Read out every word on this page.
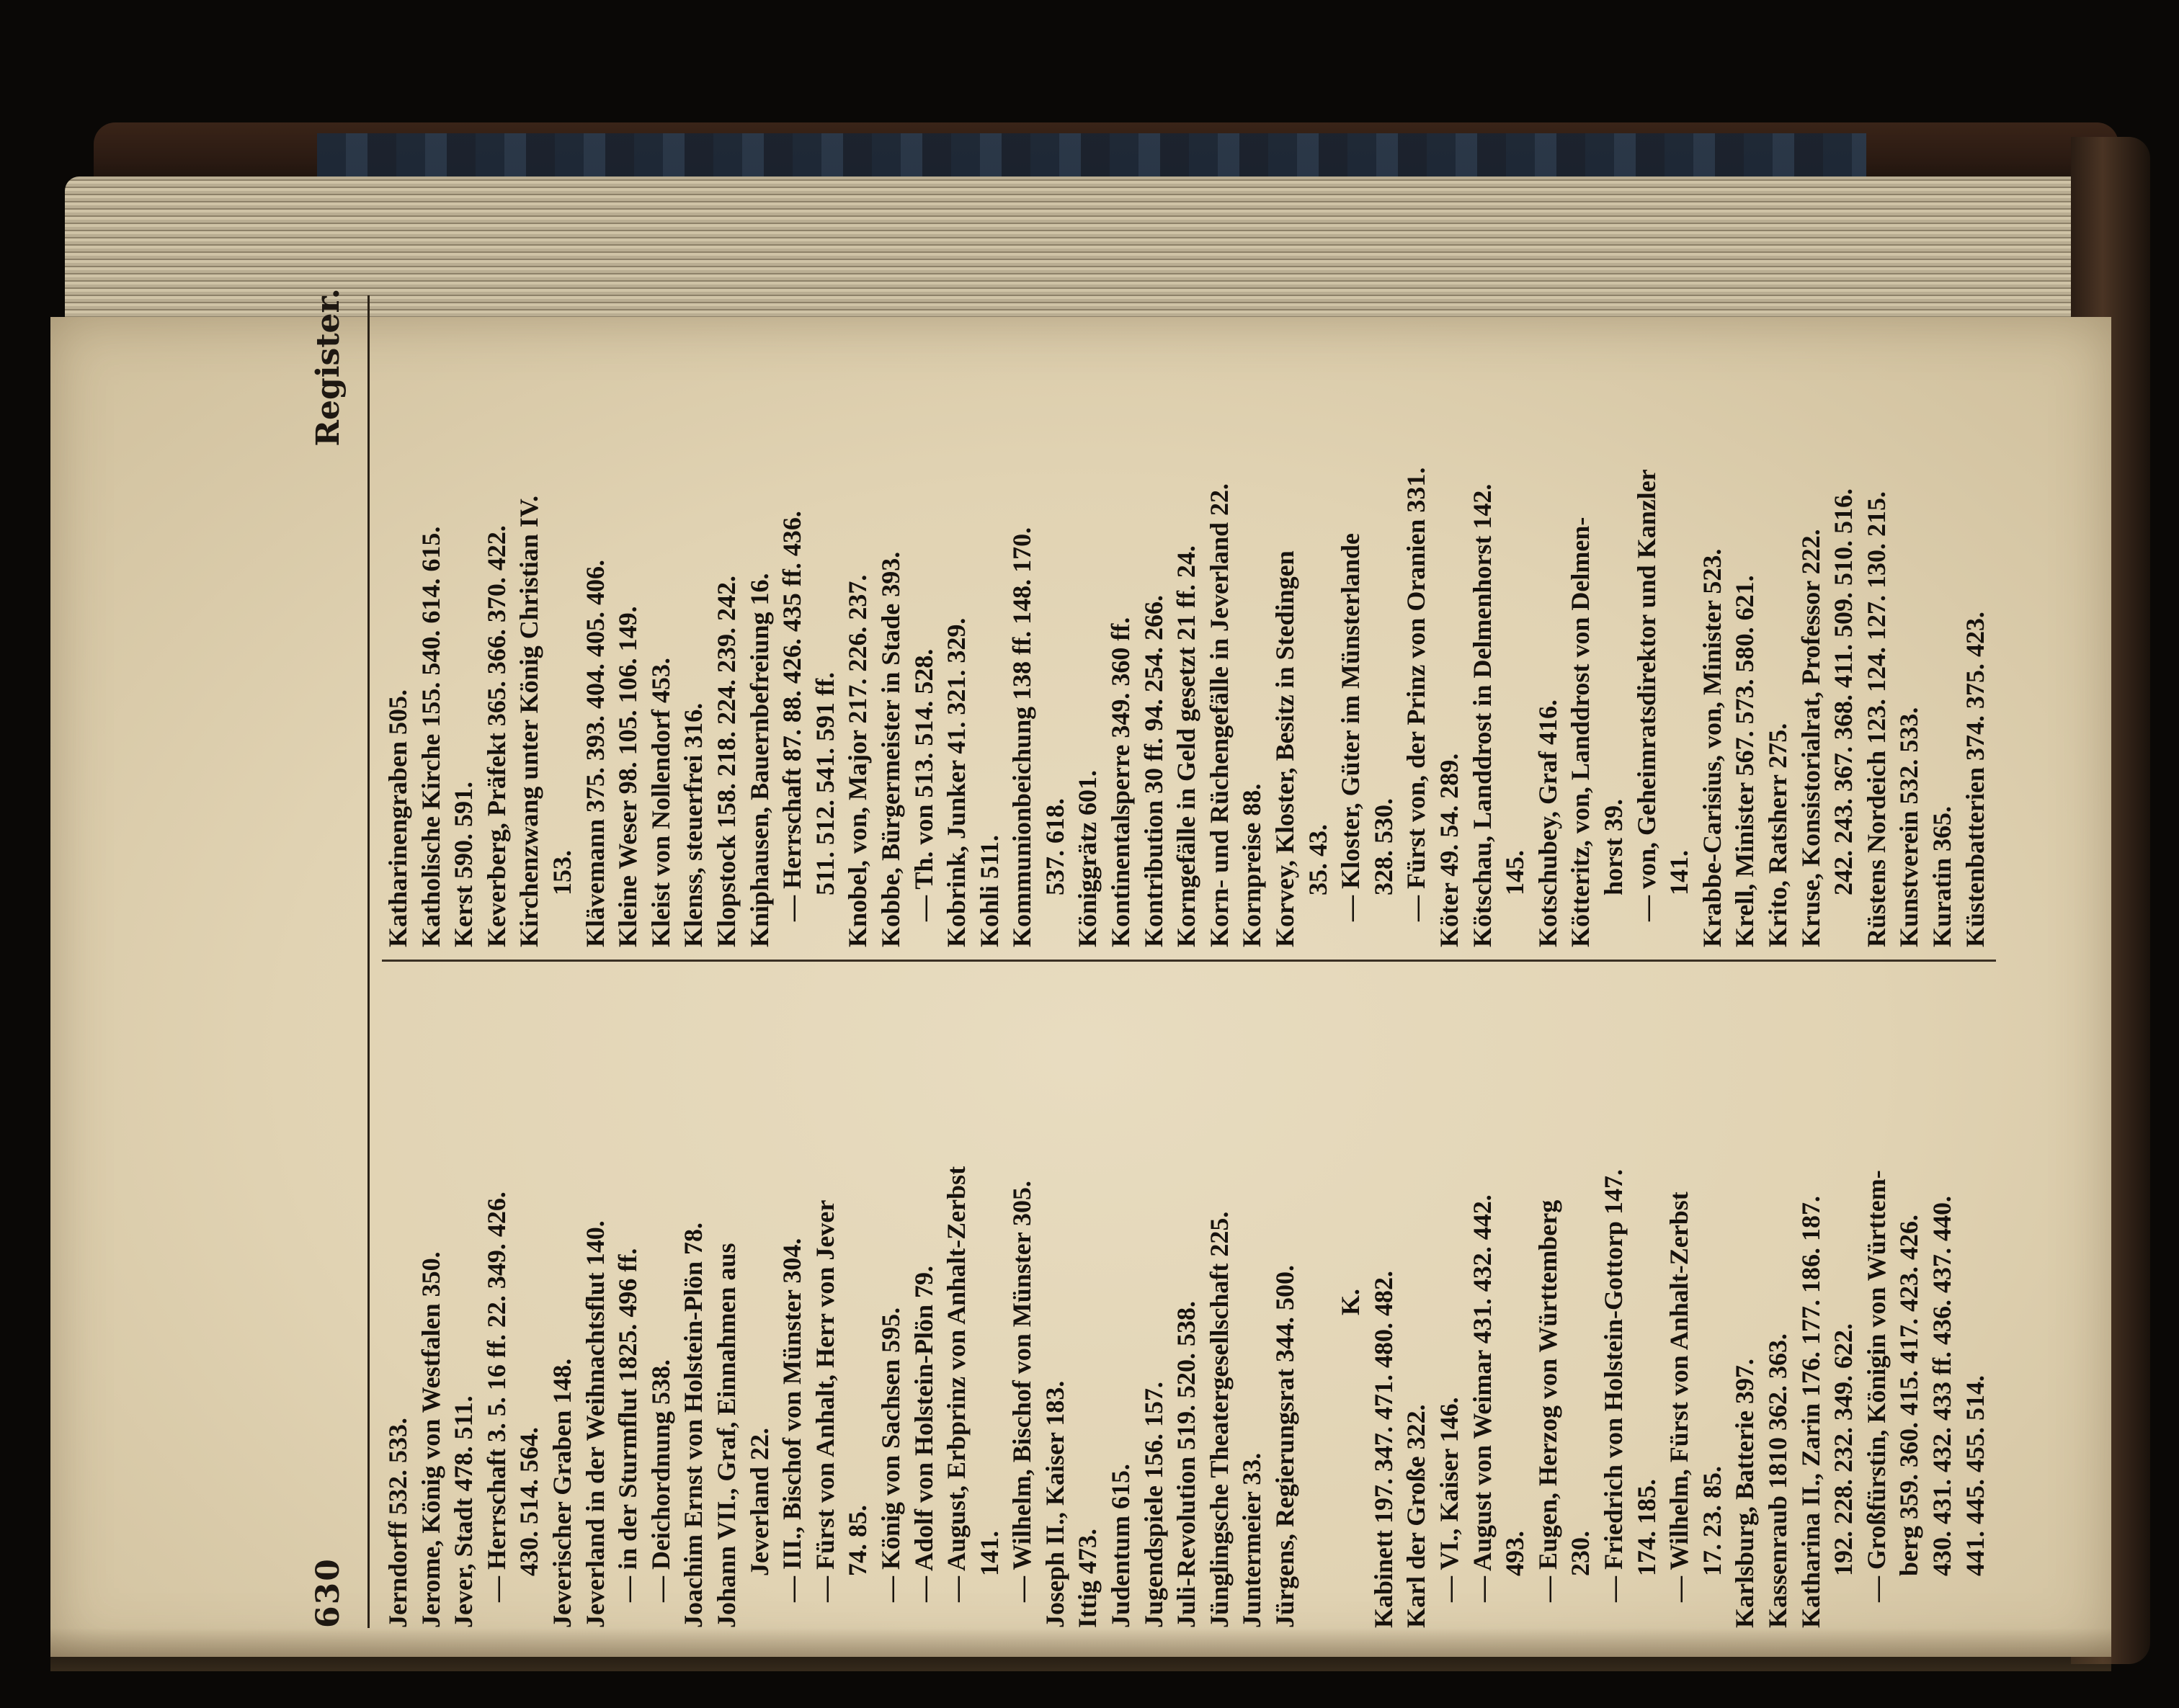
630
Register.
Jerndorff 532. 533. Jerome, König von Westfalen 350. Jever, Stadt 478. 511. — Herrschaft 3. 5. 16 ff. 22. 349. 426. 430. 514. 564. Jeverischer Graben 148. Jeverland in der Weihnachtsflut 140. — in der Sturmflut 1825. 496 ff. — Deichordnung 538. Joachim Ernst von Holstein-Plön 78. Johann VII., Graf, Einnahmen aus Jeverland 22. — III., Bischof von Münster 304. — Fürst von Anhalt, Herr von Jever 74. 85. — König von Sachsen 595. — Adolf von Holstein-Plön 79. — August, Erbprinz von Anhalt-Zerbst 141. — Wilhelm, Bischof von Münster 305. Joseph II., Kaiser 183. Ittig 473. Judentum 615. Jugendspiele 156. 157. Juli-Revolution 519. 520. 538. Jünglingsche Theatergesellschaft 225. Juntermeier 33. Jürgens, Regierungsrat 344. 500. K. Kabinett 197. 347. 471. 480. 482. Karl der Große 322. — VI., Kaiser 146. — August von Weimar 431. 432. 442. 493. — Eugen, Herzog von Württemberg 230. — Friedrich von Holstein-Gottorp 147. 174. 185. — Wilhelm, Fürst von Anhalt-Zerbst 17. 23. 85. Karlsburg, Batterie 397. Kassenraub 1810 362. 363. Katharina II., Zarin 176. 177. 186. 187. 192. 228. 232. 349. 622. — Großfürstin, Königin von Württem- berg 359. 360. 415. 417. 423. 426. 430. 431. 432. 433 ff. 436. 437. 440. 441. 445. 455. 514.
Katharinengraben 505. Katholische Kirche 155. 540. 614. 615. Kerst 590. 591. Keverberg, Präfekt 365. 366. 370. 422. Kirchenzwang unter König Christian IV. 153. Klävemann 375. 393. 404. 405. 406. Kleine Weser 98. 105. 106. 149. Kleist von Nollendorf 453. Klenss, steuerfrei 316. Klopstock 158. 218. 224. 239. 242. Kniphausen, Bauernbefreiung 16. — Herrschaft 87. 88. 426. 435 ff. 436. 511. 512. 541. 591 ff. Knobel, von, Major 217. 226. 237. Kobbe, Bürgermeister in Stade 393. — Th. von 513. 514. 528. Kobrink, Junker 41. 321. 329. Kohli 511. Kommunionbeichung 138 ff. 148. 170. 537. 618. Königgrätz 601. Kontinentalsperre 349. 360 ff. Kontribution 30 ff. 94. 254. 266. Korngefälle in Geld gesetzt 21 ff. 24. Korn- und Rüchengefälle in Jeverland 22. Kornpreise 88. Korvey, Kloster, Besitz in Stedingen 35. 43. — Kloster, Güter im Münsterlande 328. 530. — Fürst von, der Prinz von Oranien 331. Köter 49. 54. 289. Kötschau, Landdrost in Delmenhorst 142. 145. Kotschubey, Graf 416. Kötteritz, von, Landdrost von Delmen- horst 39. — von, Geheimratsdirektor und Kanzler 141. Krabbe-Carisius, von, Minister 523. Krell, Minister 567. 573. 580. 621. Krito, Ratsherr 275. Kruse, Konsistorialrat, Professor 222. 242. 243. 367. 368. 411. 509. 510. 516. Rüstens Nordeich 123. 124. 127. 130. 215. Kunstverein 532. 533. Kuratin 365. Küstenbatterien 374. 375. 423.
